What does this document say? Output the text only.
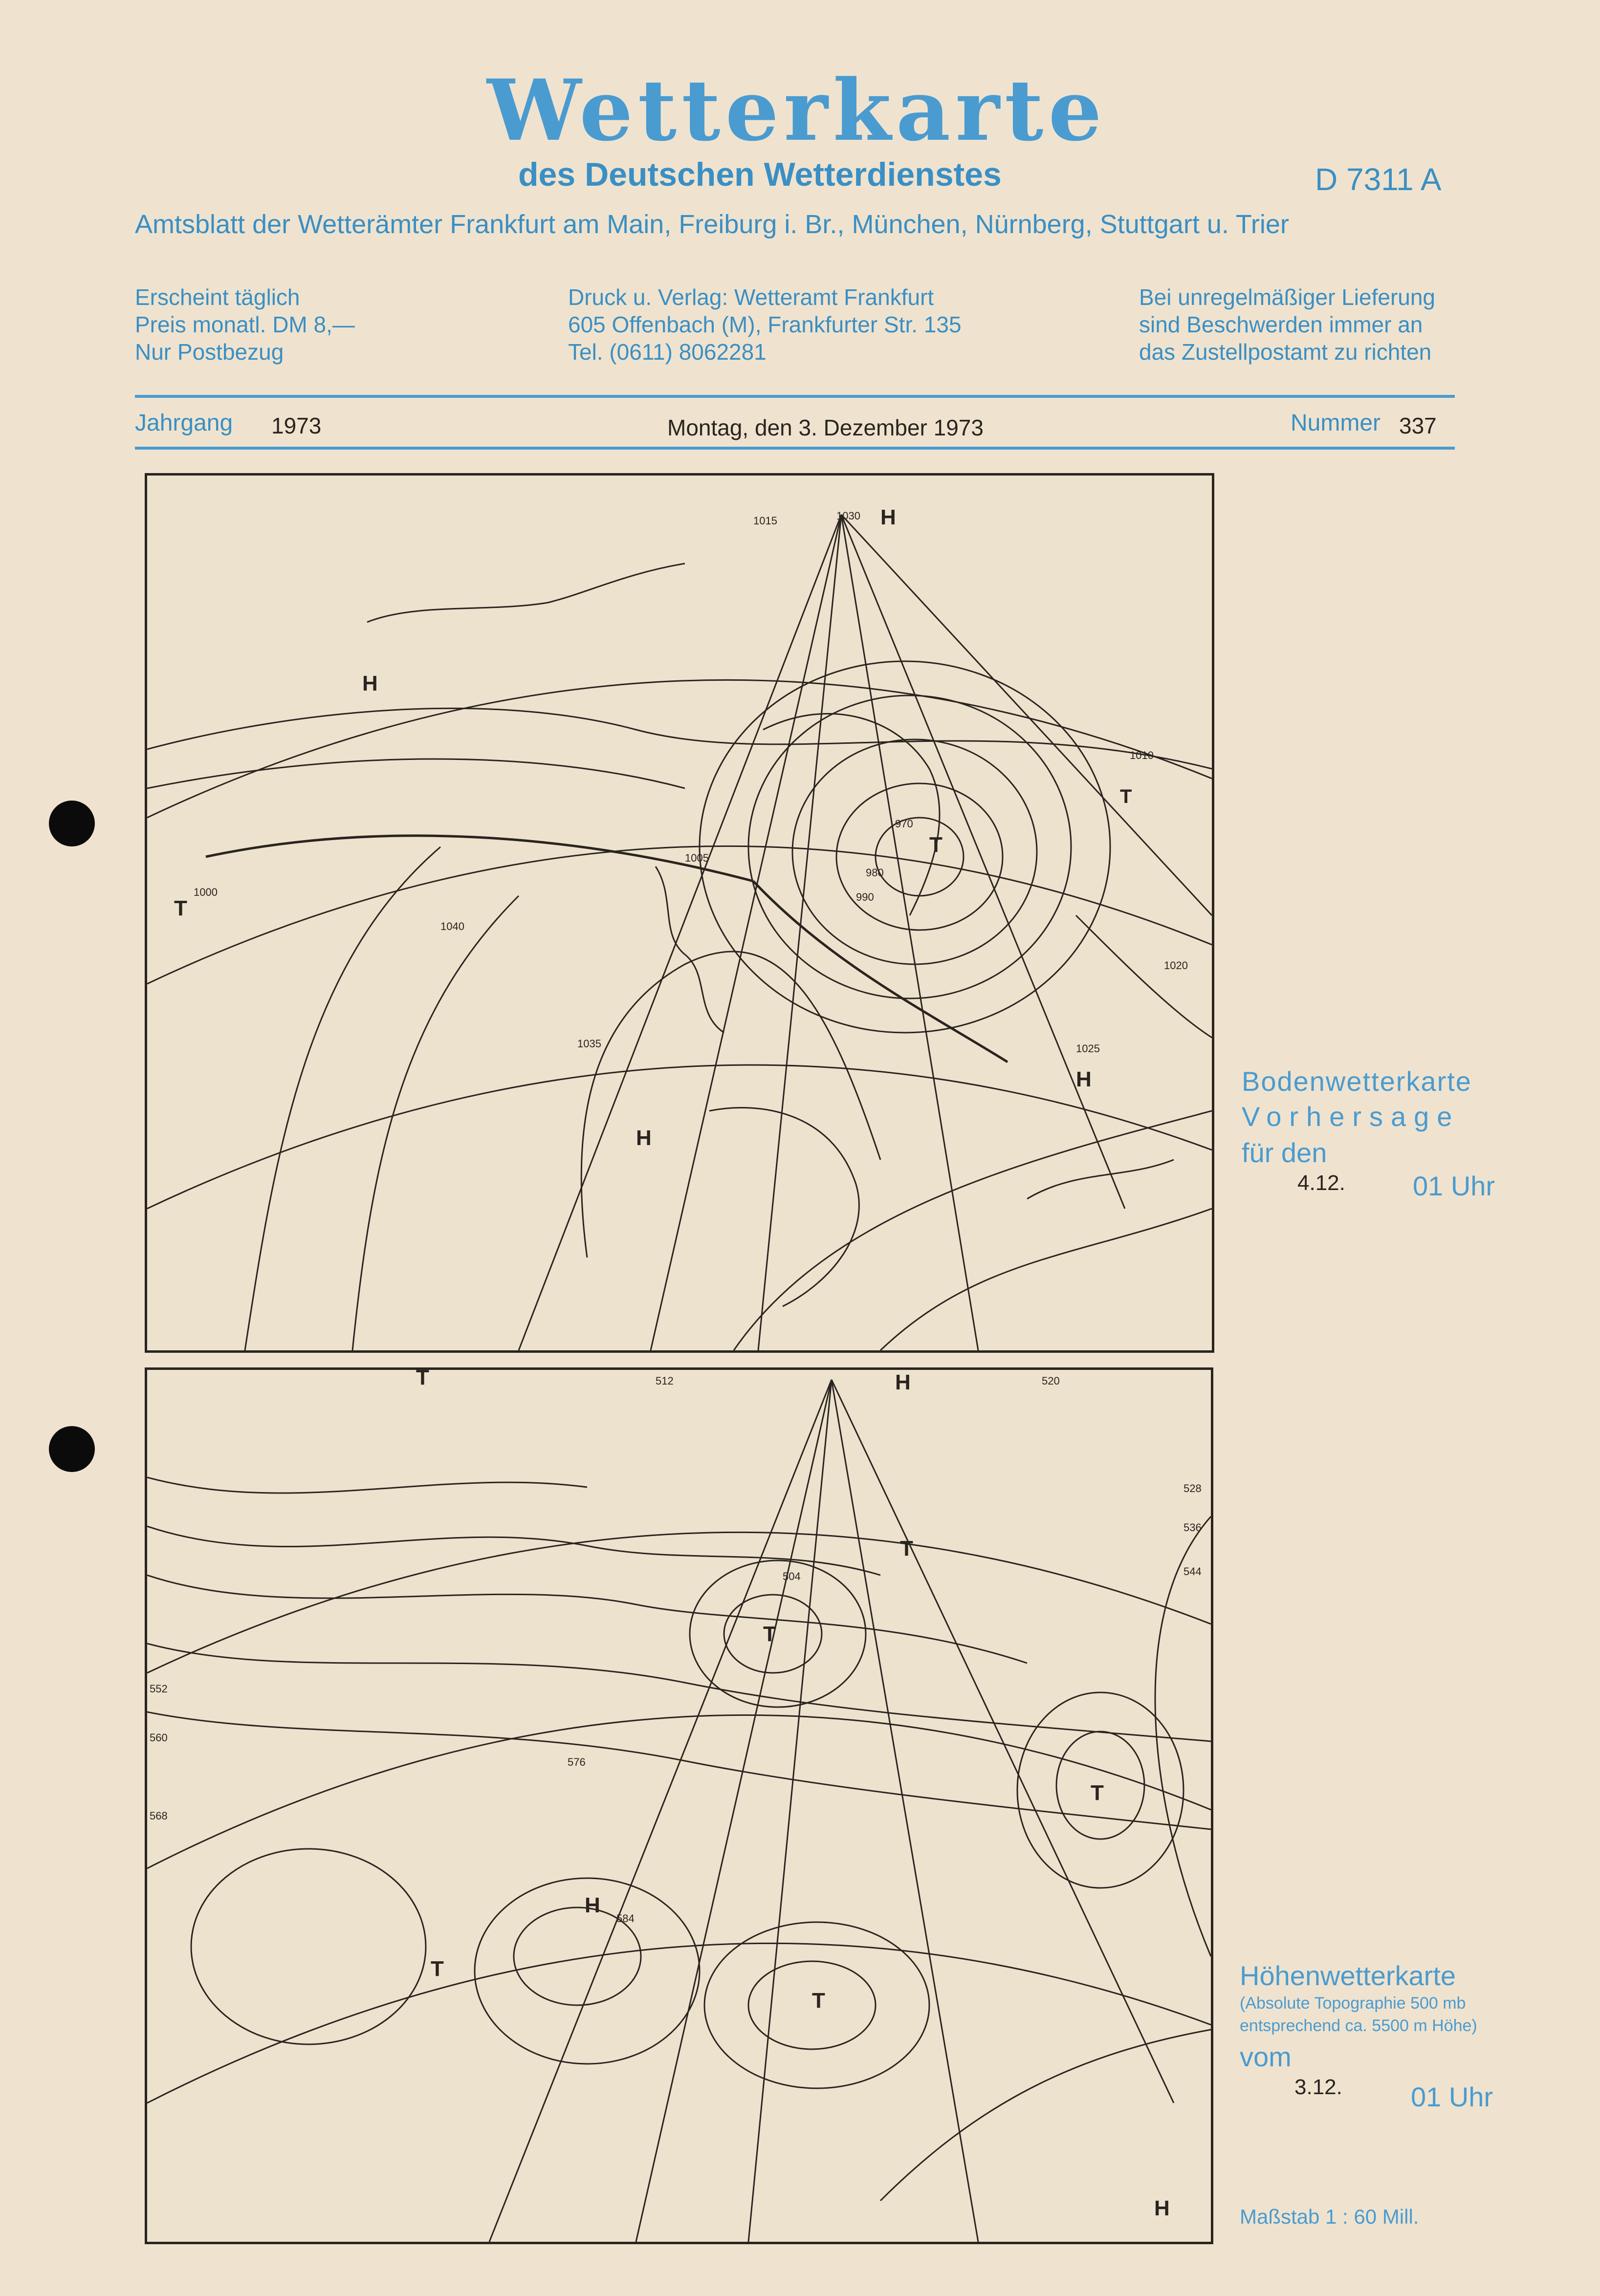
Wetterkarte
des Deutschen Wetterdienstes	D 7311 A
Amtsblatt der Wetterämter Frankfurt am Main, Freiburg i. Br., München, Nürnberg, Stuttgart u. Trier
Erscheint täglich
Preis monatl. DM 8,—
Nur Postbezug
Druck u. Verlag: Wetteramt Frankfurt
605 Offenbach (M), Frankfurter Str. 135
Tel. (0611) 8062281
Bei unregelmäßiger Lieferung
sind Beschwerden immer an
das Zustellpostamt zu richten
Jahrgang 1973	Montag, den 3. Dezember 1973	Nummer 337
H
H
H
H
T
T
T
1030
1015
1010
1005
1000	990
980
970
1020
1025
1035
1040
Bodenwetterkarte
Vorhersage
für den
4.12. 01 Uhr
H
H
H
T
T
T
T
T
T
520
512
528
536
544
552
560
568
576
584
504
Höhenwetterkarte
(Absolute Topographie 500 mb
entsprechend ca. 5500 m Höhe)
vom
3.12.	01 Uhr
Maßstab 1 : 60 Mill.
